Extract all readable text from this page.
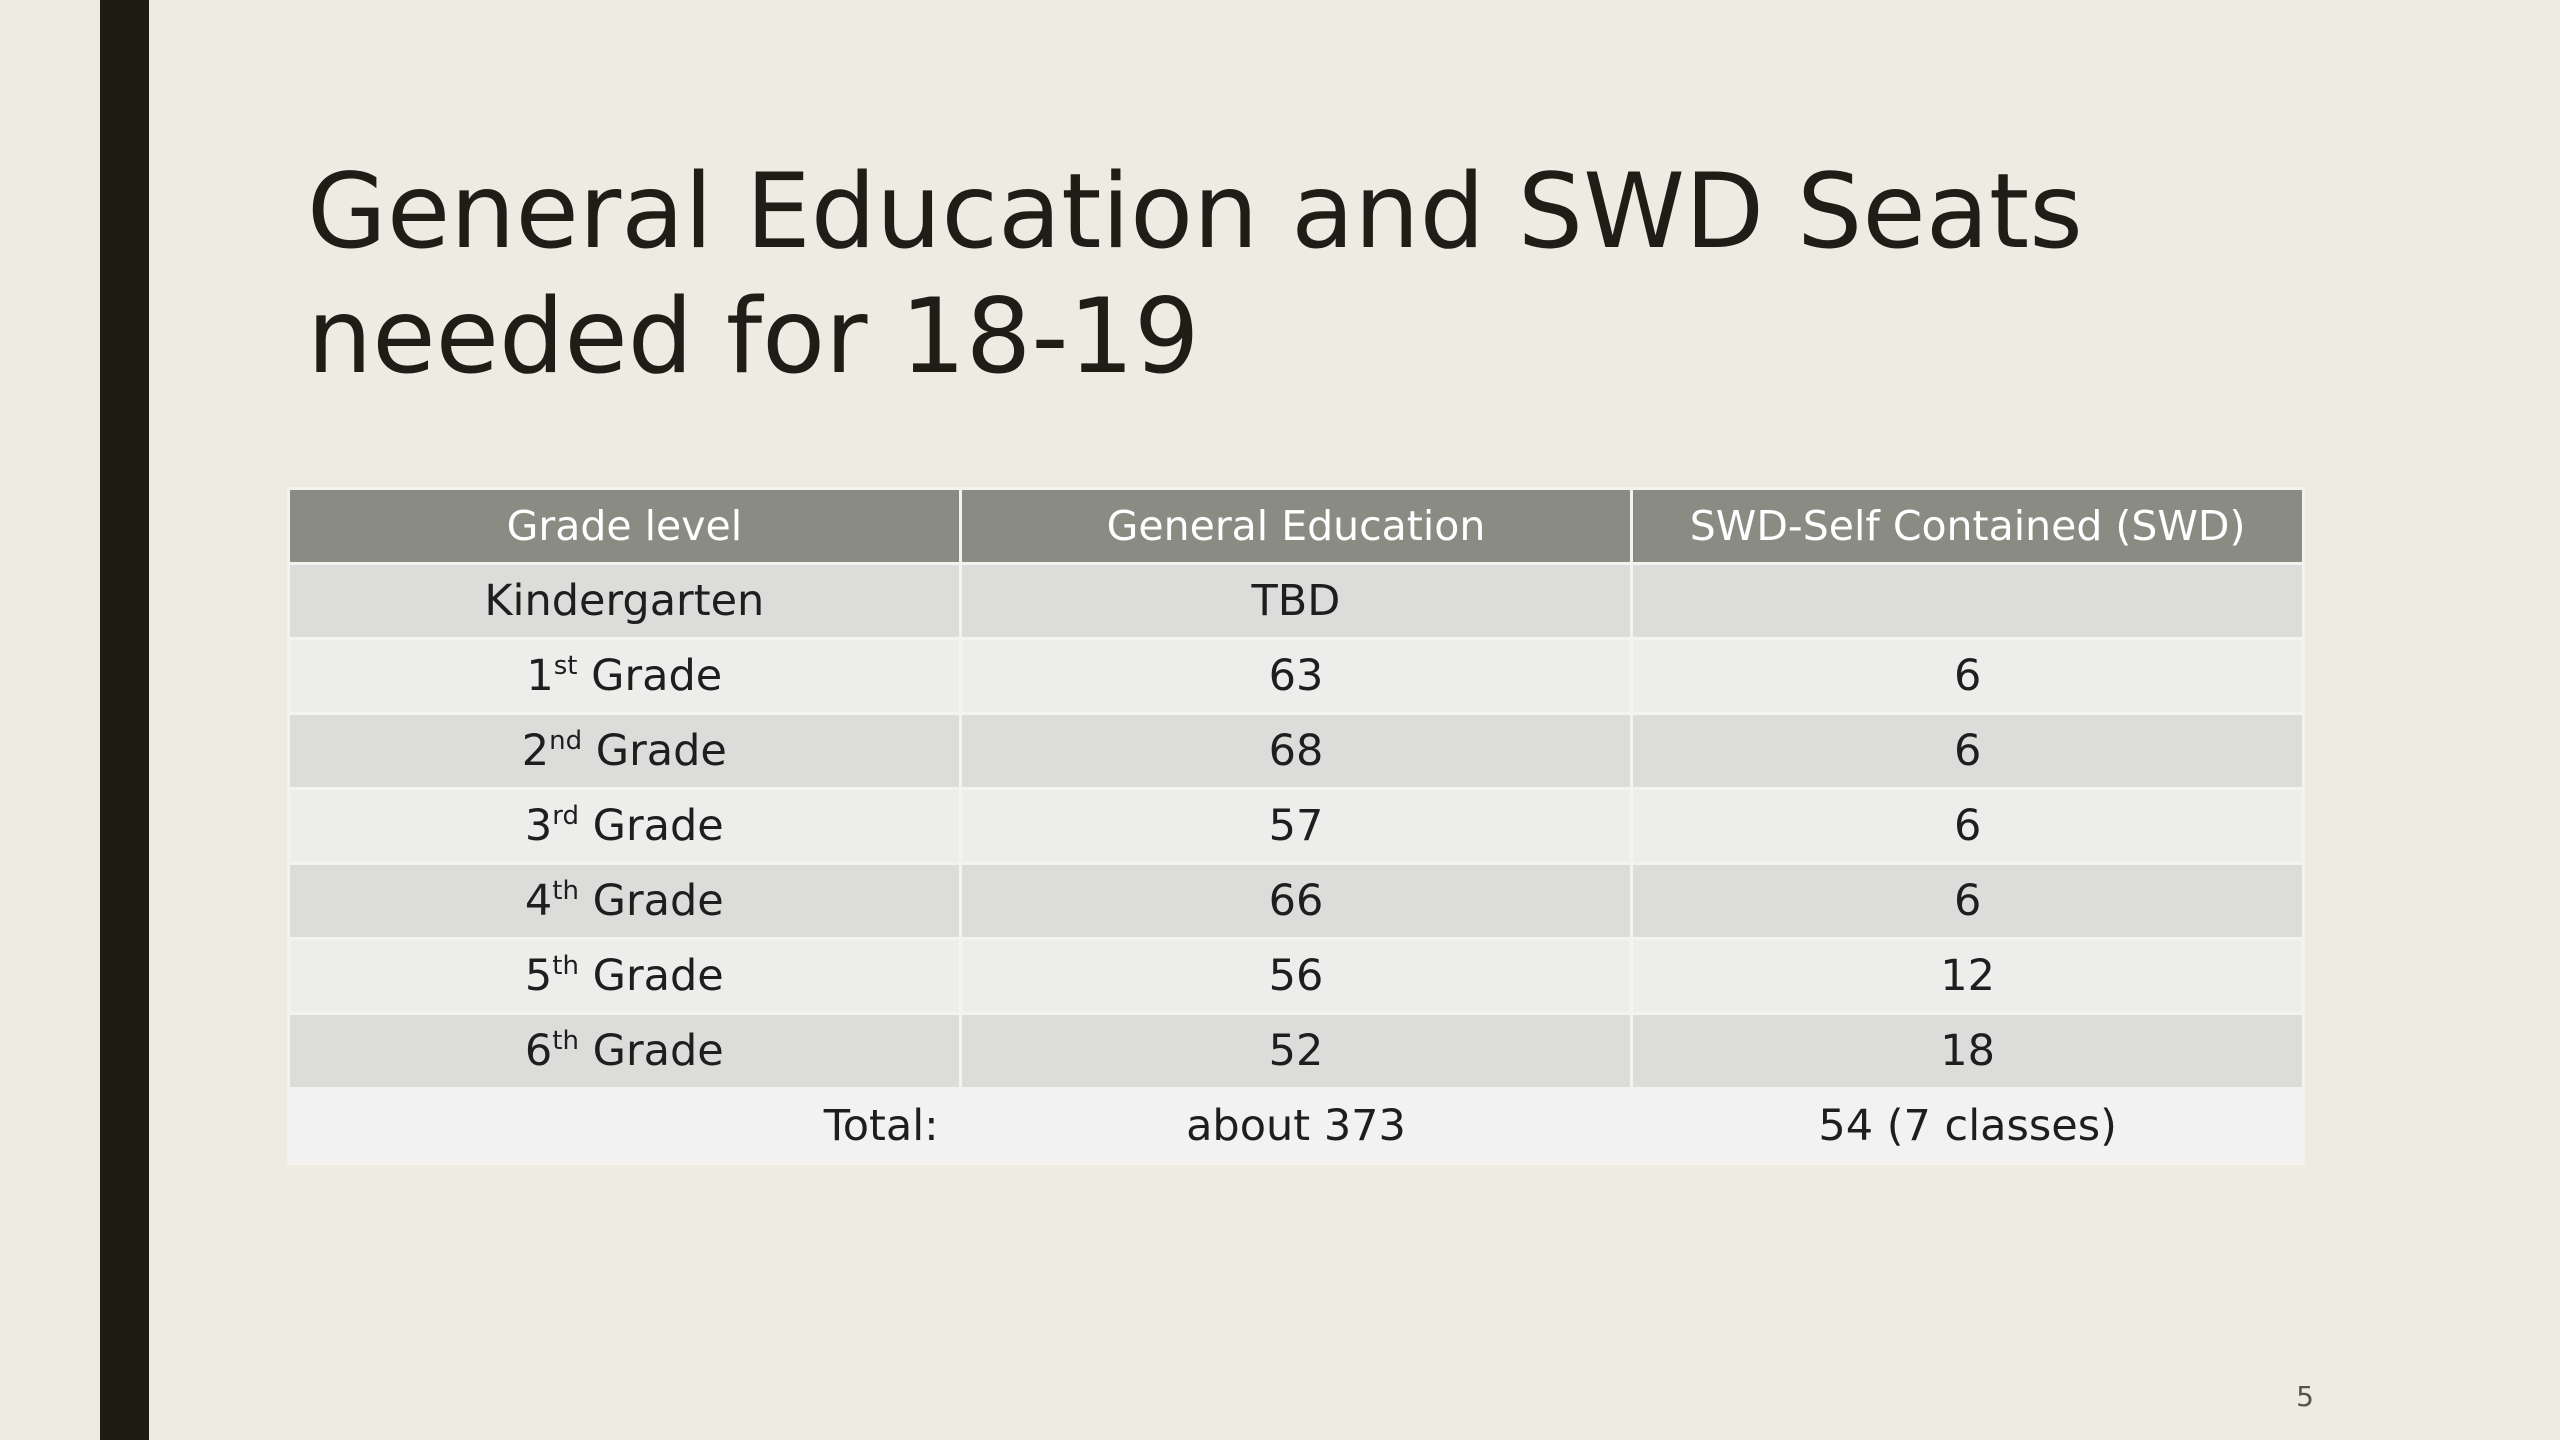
General Education and SWD Seats
needed for 18-19
Grade level	General Education	SWD-Self Contained (SWD)
Kindergarten	TBD	
1st Grade	63	6
2nd Grade	68	6
3rd Grade	57	6
4th Grade	66	6
5th Grade	56	12
6th Grade	52	18
Total:	about 373	54 (7 classes)
5
